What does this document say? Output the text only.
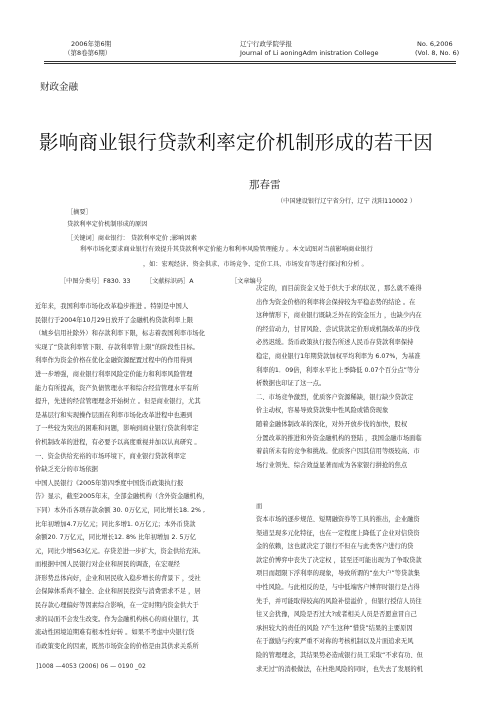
2006年第6期
（第8卷第6期）
辽宁行政学院学报
Journal of Li aoningAdm inistration College
No. 6,2006
(Vol. 8, No. 6)
财政金融
影响商业银行贷款利率定价机制形成的若干因
那春雷
（中国建设银行辽宁省分行，辽宁 沈阳110002 ）
［摘要］
贷款利率定价机制形成的原因
［关键词］商业银行： 贷款利率定价 ;影响因素
利率市场化要求商业银行有效提升其贷款利率定价能力和利率风险管理能力 。本文试图对当前影响商业银行
，如：宏观经济、资金供求、市场竞争、定价工具、市场发育等进行探讨和分析 。
［中图分类号］F830. 33	［文献标识码］A	［文章编号
近年来，我国利率市场化改革稳步推进 。特别是中国人
民银行于2004年10月29日放开了金融机构贷款利率上限
（城乡信用社除外）和存款利率下限，标志着我国利率市场化
实现了“贷款利率管下限、存款利率管上限”的阶段性目标。
利率作为资金价格在优化金融资源配置过程中的作用得到
进一步增强，商业银行利率风险定价能力和利率风险管理
能力有所提高，资产负债管理水平和综合经营管理水平有所
提升，先进的经营管理理念开始树立 。但是商业银行，尤其
是基层行和实现操作层面在利率市场化改革进程中也遇到
了一些较为突出的困难和问题，影响到商业银行贷款利率定
价机制改革的进程，有必要予以高度重视并加以认真研究 。
一、资金供给充裕的市场环境下，商业银行贷款利率定
价缺乏充分的市场依据
中国人民银行《2005年第四季度中国货币政策执行报
告》显示，截至2005年末，全部金融机构（含外资金融机构，
下同）本外币各项存款余额 30. 0万亿元，同比增长18. 2% ,
比年初增加4.7万亿元；同比多增1. 0万亿元；本外币贷款
余额20. 7万亿元，同比增长12. 8% 比年初增加 2. 5万亿
元，同比少增563亿元。存贷差进一步扩大，资金供给充沛。
而根据中国人民银行对企业和居民的调查，在宏观经
济形势总体向好，企业和居民收入稳步增长的背景下 ，受社
会保障体系尚不健全、企业和居民投资与消费需求不足 ，居
民存款心理偏好等因素综合影响，在一定时期内资金供大于
求的局面不会发生改变。作为金融机构核心的商业银行，其
流动性困境迫期难有根本性好转 。如果不考虑中央银行货
币政策变化的因素，既然市场资金的价格是由其供求关系所
决定的，而目前资金又处于供大于求的状况 ，那么就不难得
出作为资金价格的利率将会保持较为平稳态势的结论 。在
这种情形下，商业银行既缺乏外在的资金压力 ，也缺少内在
的经营动力，甘冒风险、尝试贷款定价形成机制改革的步伐
必然迟缓。货币政策执行报告所述人民币存贷款利率保持
稳定，商业银行1年期贷款加权平均利率为 6.07%，为基准
利率的1．09倍，利率水平比上季降低 0.07个百分点”等分
析数据也印证了这一点。
二、市场竞争激烈，优质客户资源稀缺，银行缺少贷款定
价主动权，容易导致贷款集中性风险或错贷现象
随着金融体制改革的深化，对外开放步伐的加快，股权
分置改革的推进和外资金融机构的登陆 ，我国金融市场面临
着前所未有的竞争和挑战。优质客户因其信用等级较高、市
场行业领先、综合效益显著而成为各家银行拼抢的焦点

而
资本市场的逐步规范、短期融资券等工具的推出，企业融资
渠道呈现多元化特征，也在一定程度上降低了企业对信贷资
金的依赖，这也就决定了银行不但在与此类客户进行的贷
款定价博弈中丧失了决定权 ，甚至还可能出现为了争取贷款
项目而超限下浮利率的现象，导致所谓的“垒大户”等贷款集
中性风险。与此相反的是，与中低端客户博弈时银行是占得
先手，并可能取得较高的风险补偿溢价 ，但银行授信人员往
往又会犹豫，风险是否过大?或者相关人员是否愿意冒自己
承担较大的责任的风险 ?产生这种“惜贷”结果的主要原因
在于激励与约束严重不对称的考核机制以及片面追求无风
险的管理理念，其结果势必造成银行员工采取“不求有功、但
求无过”的消极做法，在杜绝风险的同时，也失去了发展的机
]1008 —4053 (2006) 06 — 0190 _02
